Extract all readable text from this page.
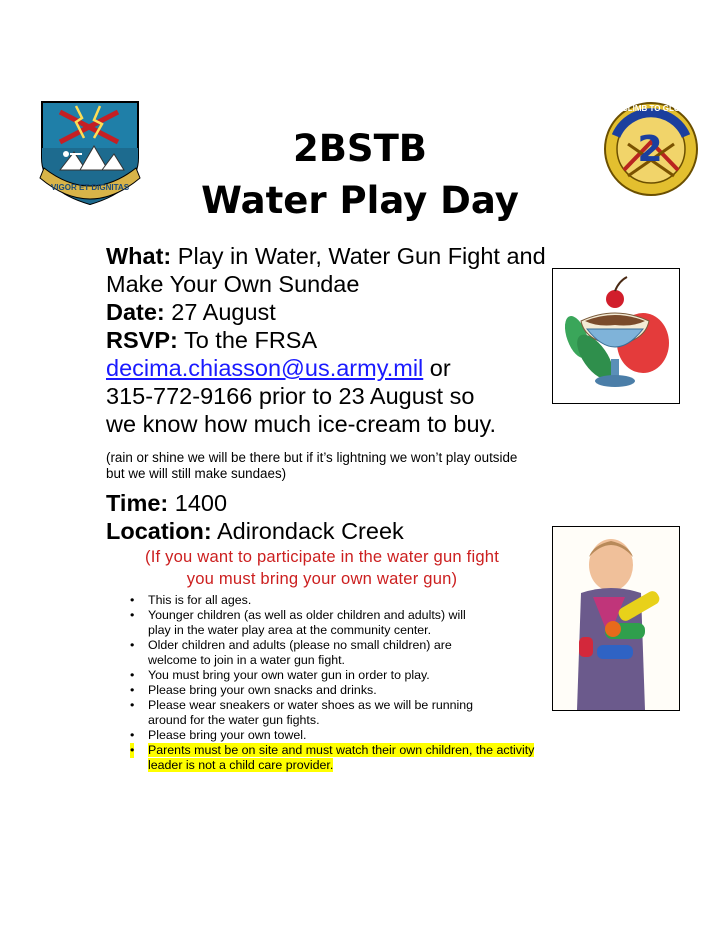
VIGOR ET DIGNITAS
CLIMB TO GLORY
2
2BSTB
Water Play Day
What: Play in Water, Water Gun Fight and
Make Your Own Sundae
Date: 27 August
RSVP: To the FRSA
decima.chiasson@us.army.mil or
315-772-9166 prior to 23 August so
we know how much ice-cream to buy.
(rain or shine we will be there but if it’s lightning we won’t play outside
but we will still make sundaes)
Time: 1400
Location: Adirondack Creek
(If you want to participate in the water gun fight
you must bring your own water gun)
• This is for all ages.
• Younger children (as well as older children and adults) will
play in the water play area at the community center.
• Older children and adults (please no small children) are
welcome to join in a water gun fight.
• You must bring your own water gun in order to play.
• Please bring your own snacks and drinks.
• Please wear sneakers or water shoes as we will be running
around for the water gun fights.
• Please bring your own towel.
• Parents must be on site and must watch their own children, the activity
leader is not a child care provider.
